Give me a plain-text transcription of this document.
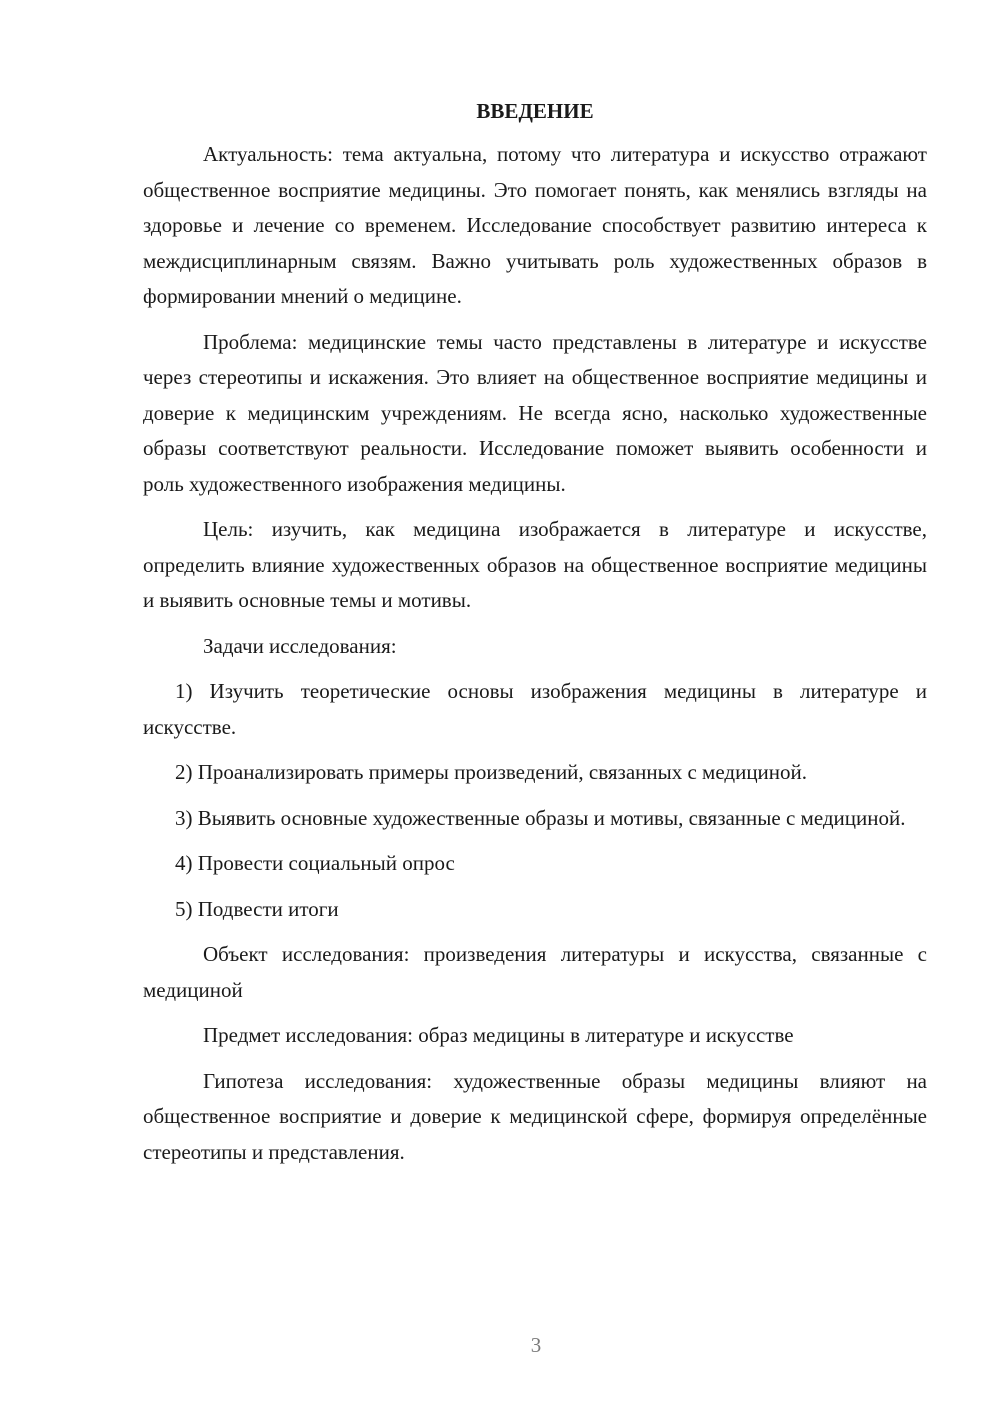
ВВЕДЕНИЕ

Актуальность: тема актуальна, потому что литература и искусство отражают общественное восприятие медицины. Это помогает понять, как менялись взгляды на здоровье и лечение со временем. Исследование способствует развитию интереса к междисциплинарным связям. Важно учитывать роль художественных образов в формировании мнений о медицине.

Проблема: медицинские темы часто представлены в литературе и искусстве через стереотипы и искажения. Это влияет на общественное восприятие медицины и доверие к медицинским учреждениям. Не всегда ясно, насколько художественные образы соответствуют реальности. Исследование поможет выявить особенности и роль художественного изображения медицины.

Цель: изучить, как медицина изображается в литературе и искусстве, определить влияние художественных образов на общественное восприятие медицины и выявить основные темы и мотивы.

Задачи исследования:

1) Изучить теоретические основы изображения медицины в литературе и искусстве.

2) Проанализировать примеры произведений, связанных с медициной.

3) Выявить основные художественные образы и мотивы, связанные с медициной.

4) Провести социальный опрос

5) Подвести итоги

Объект исследования: произведения литературы и искусства, связанные с медициной

Предмет исследования: образ медицины в литературе и искусстве

Гипотеза исследования: художественные образы медицины влияют на общественное восприятие и доверие к медицинской сфере, формируя определённые стереотипы и представления.

3
